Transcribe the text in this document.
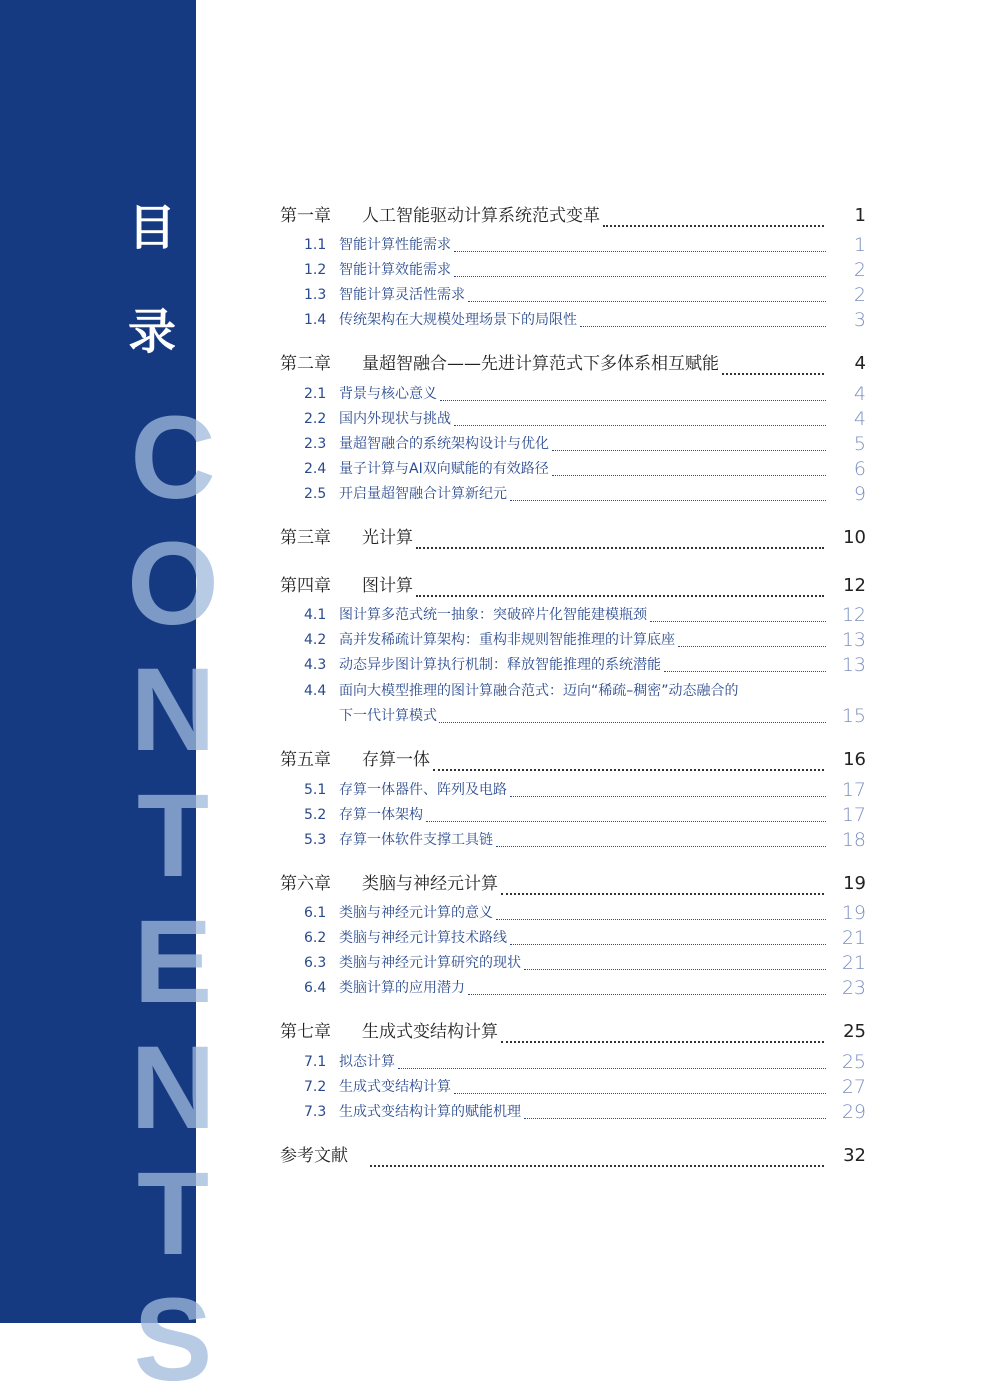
目
录
CONTENTS
第一章 人工智能驱动计算系统范式变革	1
1.1 智能计算性能需求	1
1.2 智能计算效能需求	2
1.3 智能计算灵活性需求	2
1.4 传统架构在大规模处理场景下的局限性	3
第二章 量超智融合——先进计算范式下多体系相互赋能	4
2.1 背景与核心意义	4
2.2 国内外现状与挑战	4
2.3 量超智融合的系统架构设计与优化	5
2.4 量子计算与AI双向赋能的有效路径	6
2.5 开启量超智融合计算新纪元	9
第三章 光计算	10
第四章 图计算	12
4.1 图计算多范式统一抽象：突破碎片化智能建模瓶颈	12
4.2 高并发稀疏计算架构：重构非规则智能推理的计算底座	13
4.3 动态异步图计算执行机制：释放智能推理的系统潜能	13
4.4 面向大模型推理的图计算融合范式：迈向“稀疏–稠密”动态融合的
下一代计算模式	15
第五章 存算一体	16
5.1 存算一体器件、阵列及电路	17
5.2 存算一体架构	17
5.3 存算一体软件支撑工具链	18
第六章 类脑与神经元计算	19
6.1 类脑与神经元计算的意义	19
6.2 类脑与神经元计算技术路线	21
6.3 类脑与神经元计算研究的现状	21
6.4 类脑计算的应用潜力	23
第七章 生成式变结构计算	25
7.1 拟态计算	25
7.2 生成式变结构计算	27
7.3 生成式变结构计算的赋能机理	29
参考文献	32
